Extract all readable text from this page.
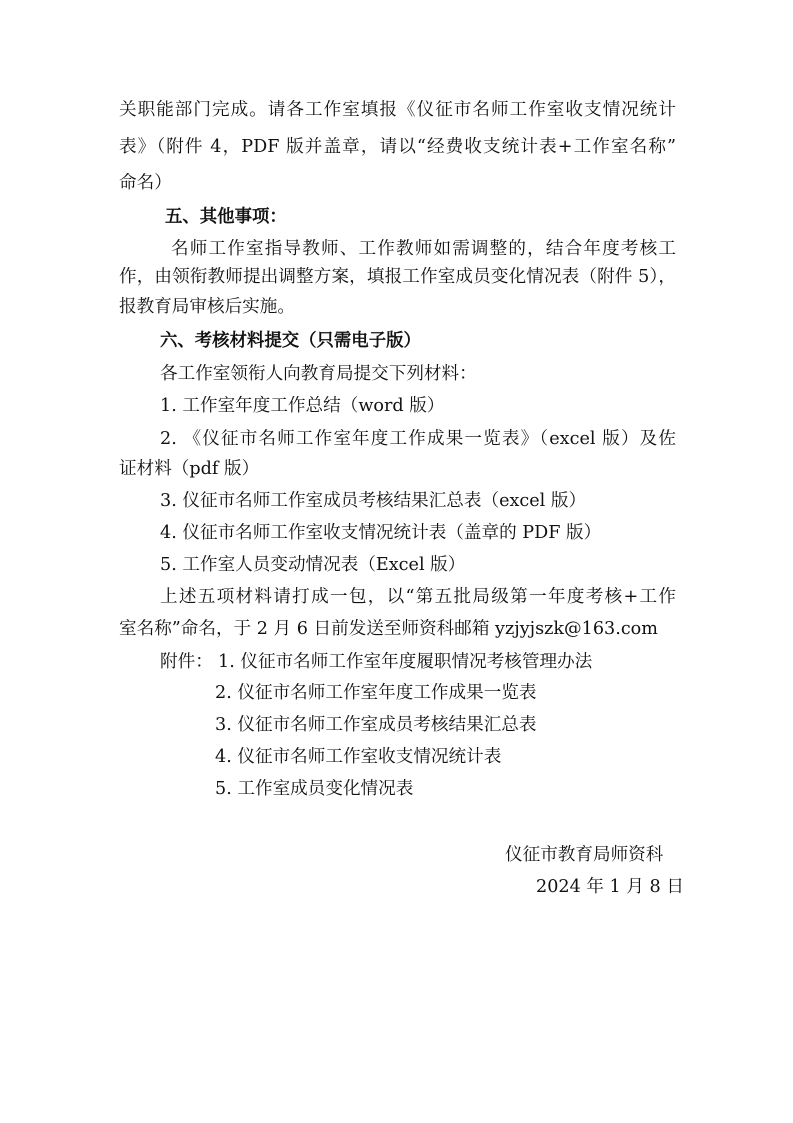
关职能部门完成。请各工作室填报《仪征市名师工作室收支情况统计
表》（附件 4，PDF 版并盖章，请以“经费收支统计表+工作室名称”
命名）
五、其他事项：
名师工作室指导教师、工作教师如需调整的，结合年度考核工
作，由领衔教师提出调整方案，填报工作室成员变化情况表（附件 5），
报教育局审核后实施。
六、考核材料提交（只需电子版）
各工作室领衔人向教育局提交下列材料：
1. 工作室年度工作总结（word 版）
2. 《仪征市名师工作室年度工作成果一览表》（excel 版）及佐
证材料（pdf 版）
3. 仪征市名师工作室成员考核结果汇总表（excel 版）
4. 仪征市名师工作室收支情况统计表（盖章的 PDF 版）
5. 工作室人员变动情况表（Excel 版）
上述五项材料请打成一包，以“第五批局级第一年度考核+工作
室名称”命名，于 2 月 6 日前发送至师资科邮箱 yzjyjszk@163.com
附件： 1. 仪征市名师工作室年度履职情况考核管理办法
2. 仪征市名师工作室年度工作成果一览表
3. 仪征市名师工作室成员考核结果汇总表
4. 仪征市名师工作室收支情况统计表
5. 工作室成员变化情况表
仪征市教育局师资科
2024 年 1 月 8 日
